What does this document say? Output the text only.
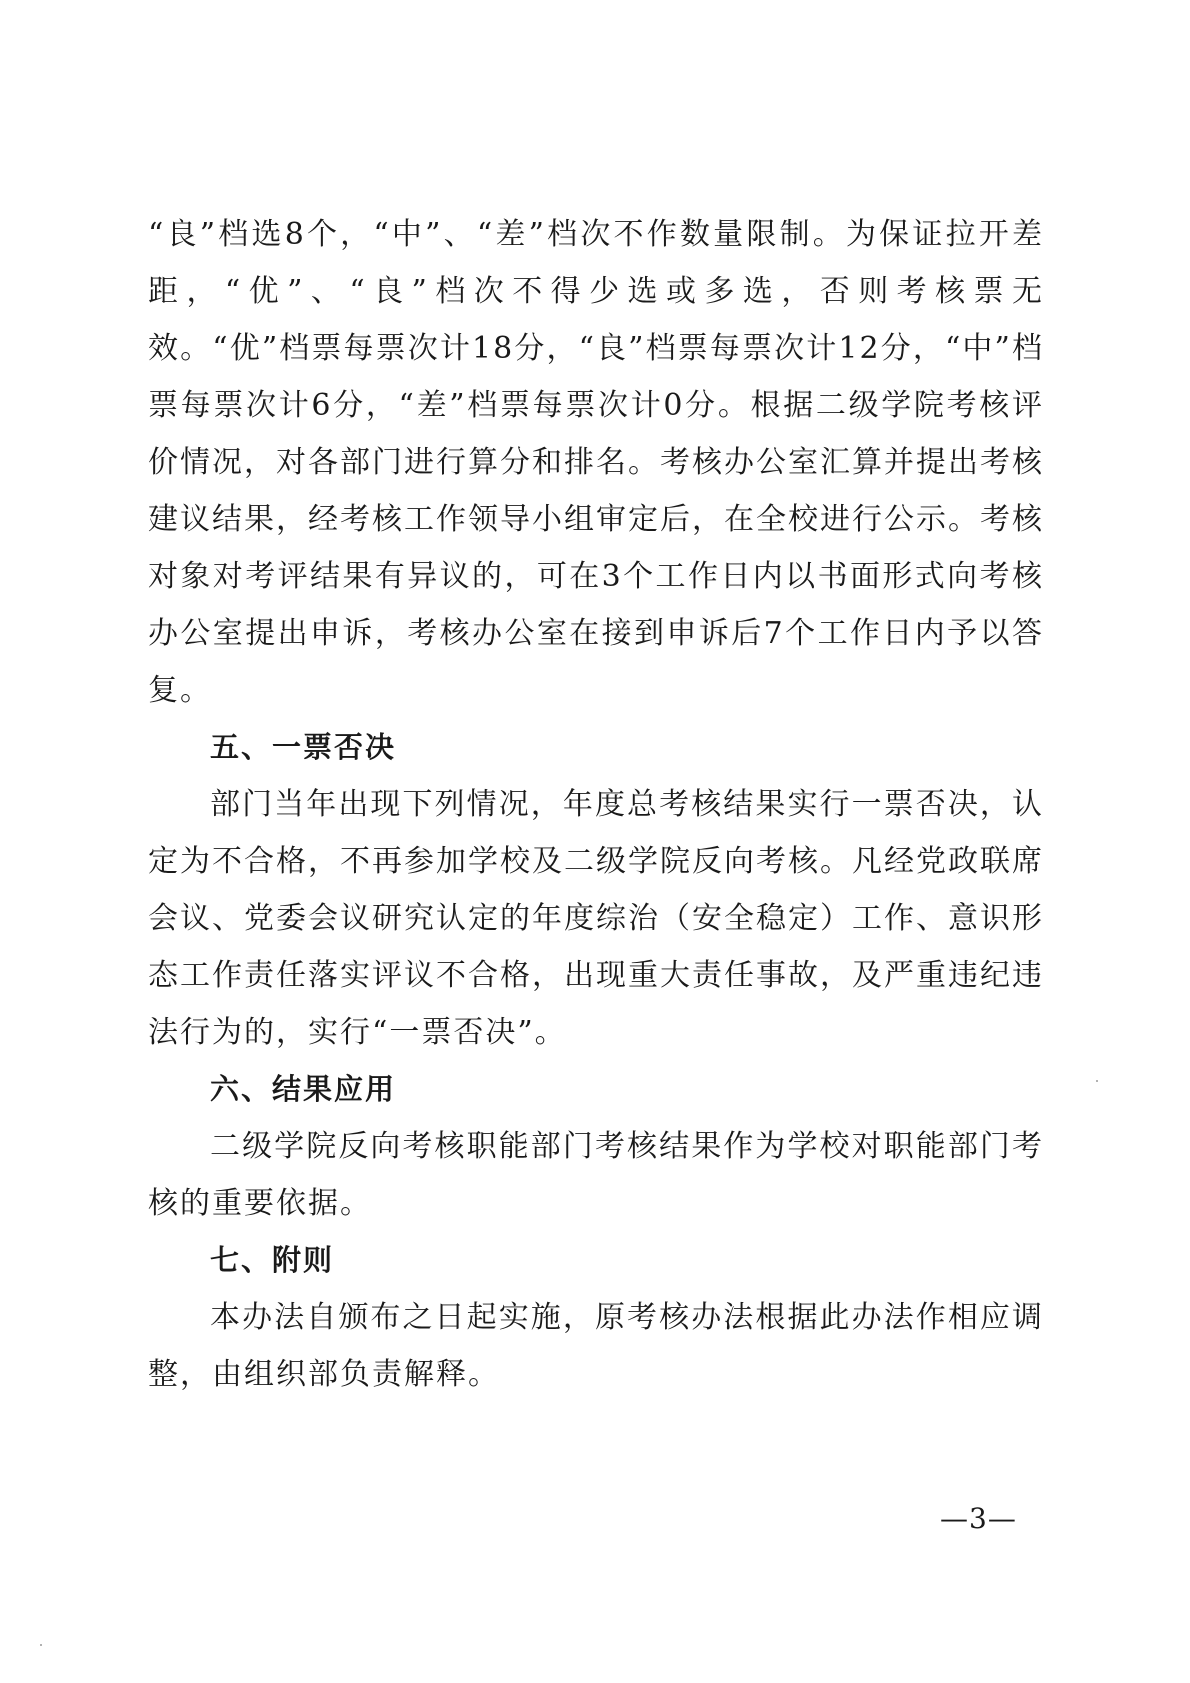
“良”档选8个，“中”、“差”档次不作数量限制。为保证拉开差距，“优”、“良”档次不得少选或多选，否则考核票无效。“优”档票每票次计18分，“良”档票每票次计12分，“中”档票每票次计6分，“差”档票每票次计0分。根据二级学院考核评价情况，对各部门进行算分和排名。考核办公室汇算并提出考核建议结果，经考核工作领导小组审定后，在全校进行公示。考核对象对考评结果有异议的，可在3个工作日内以书面形式向考核办公室提出申诉，考核办公室在接到申诉后7个工作日内予以答复。

五、一票否决

部门当年出现下列情况，年度总考核结果实行一票否决，认定为不合格，不再参加学校及二级学院反向考核。凡经党政联席会议、党委会议研究认定的年度综治（安全稳定）工作、意识形态工作责任落实评议不合格，出现重大责任事故，及严重违纪违法行为的，实行“一票否决”。

六、结果应用

二级学院反向考核职能部门考核结果作为学校对职能部门考核的重要依据。

七、附则

本办法自颁布之日起实施，原考核办法根据此办法作相应调整，由组织部负责解释。

—3—
